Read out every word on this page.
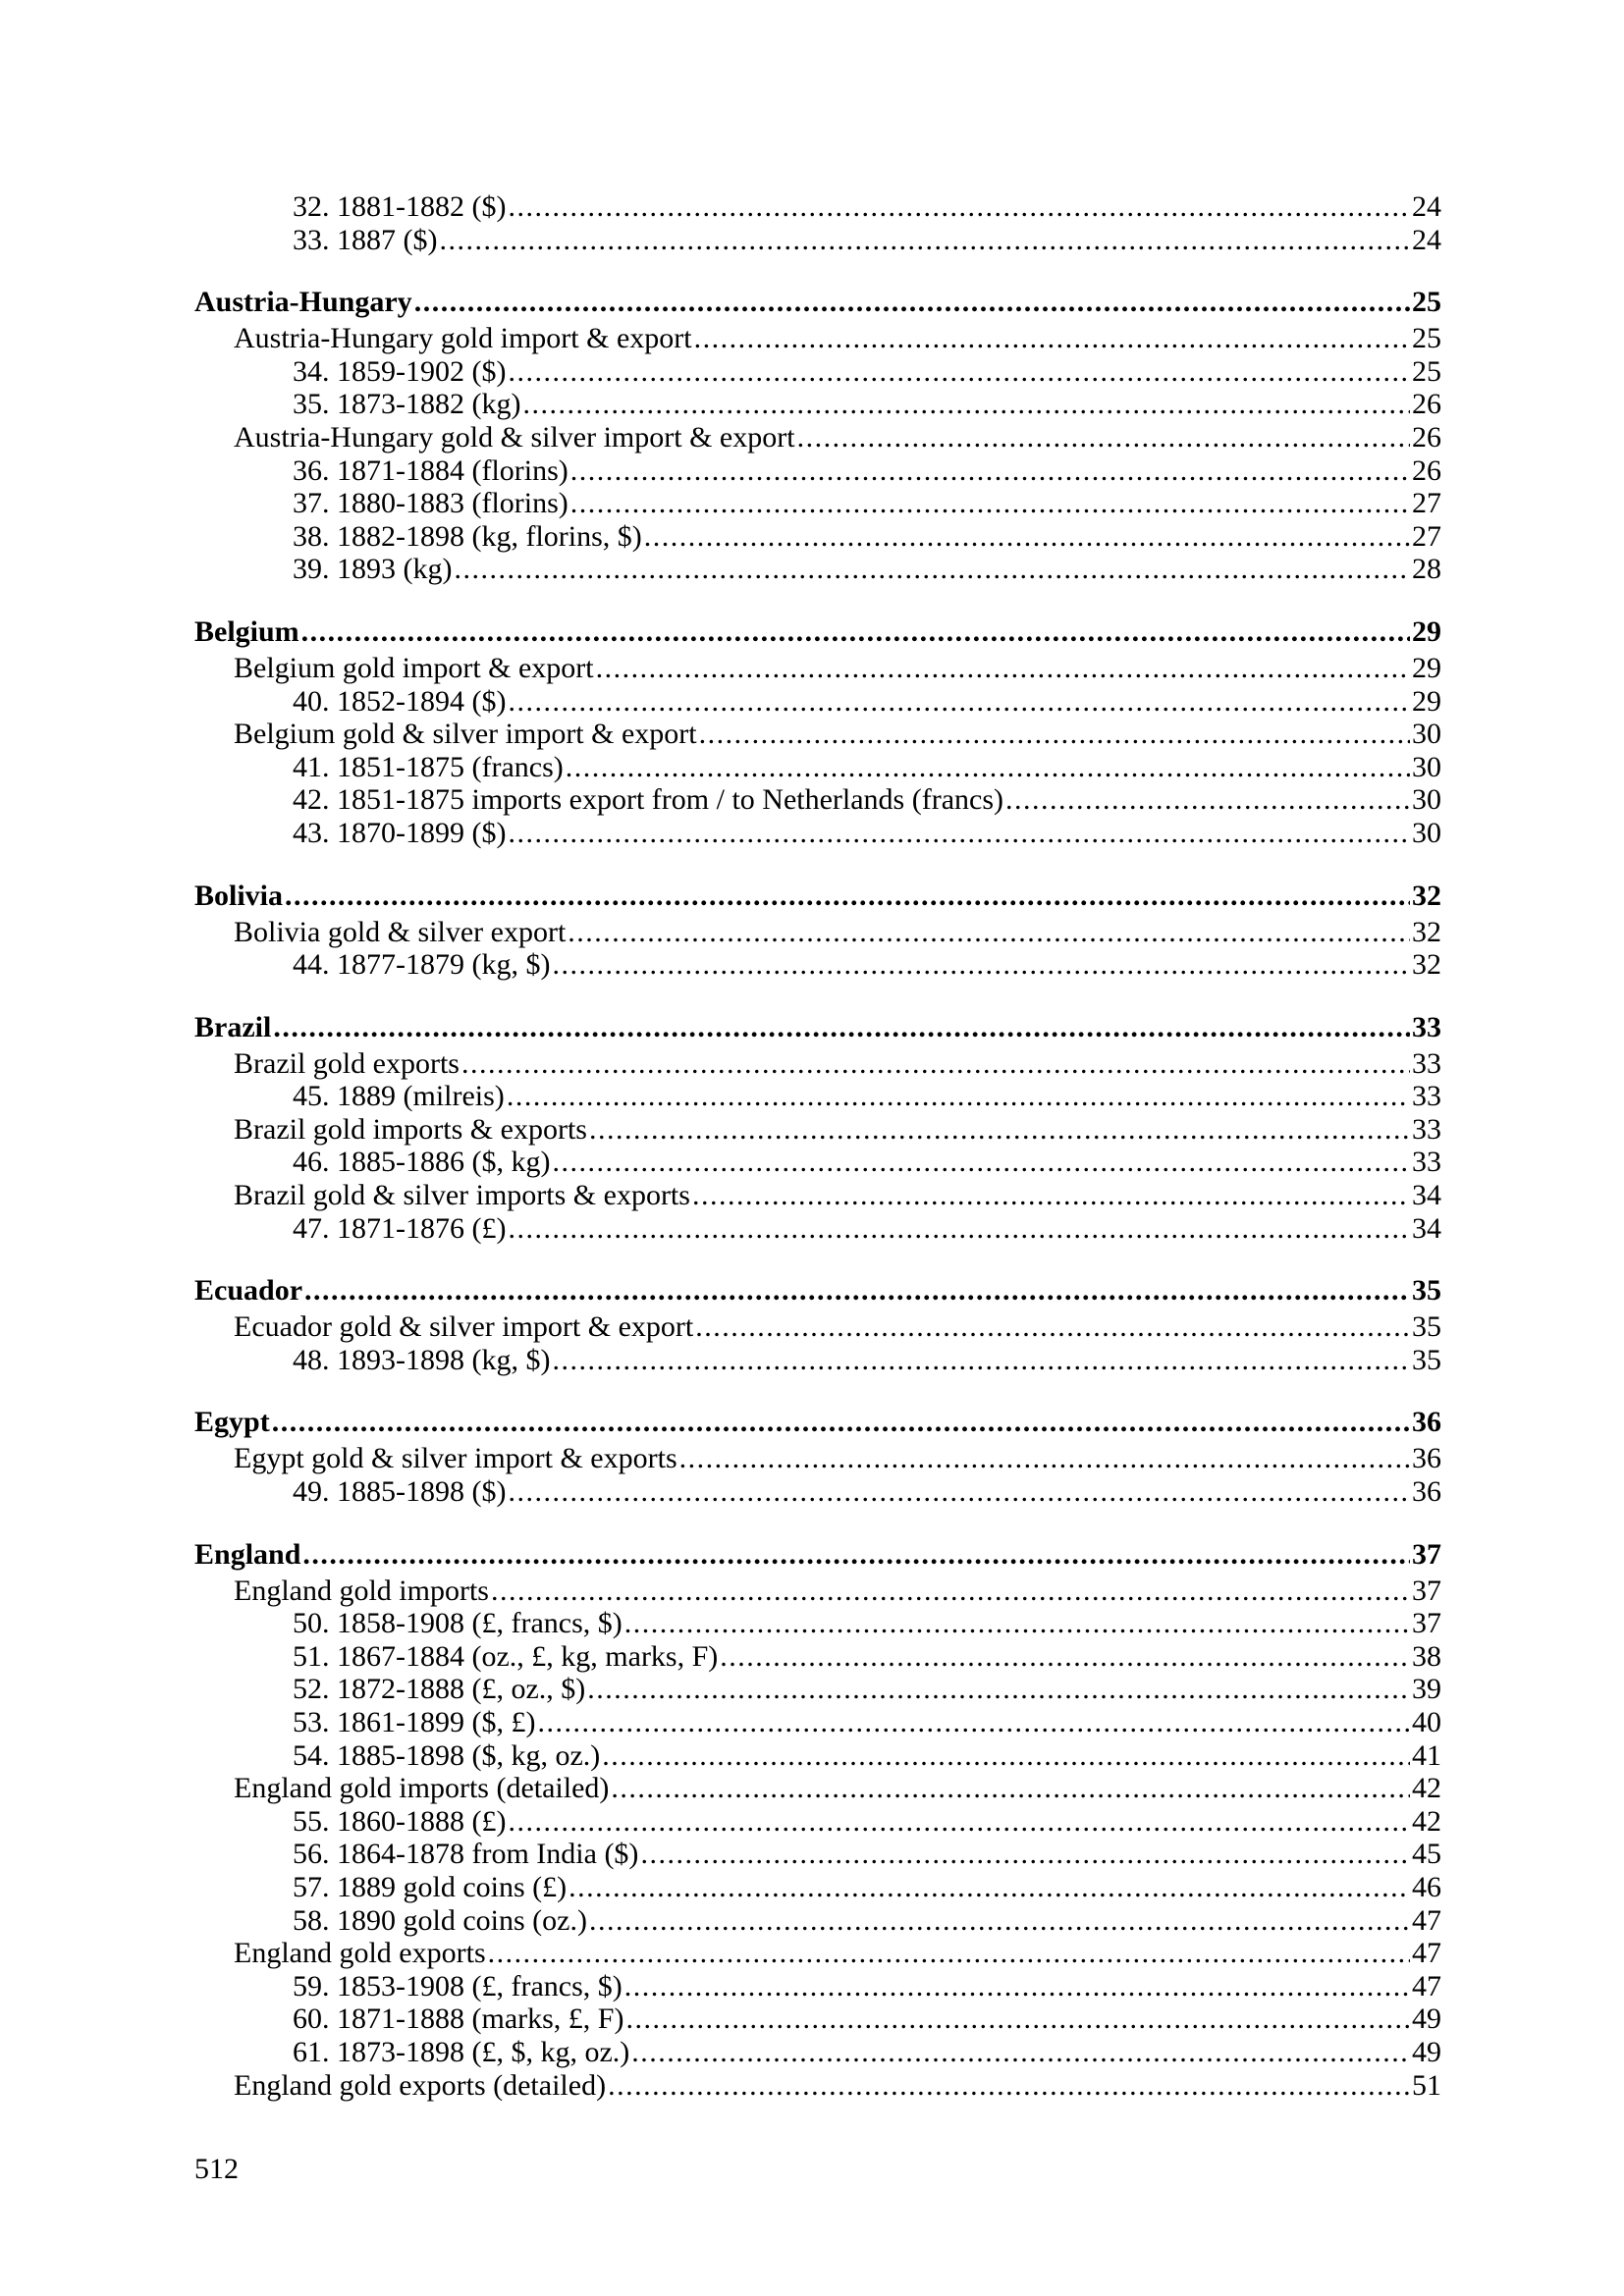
32. 1881-1882 ($) .....	24
33. 1887 ($) .....	24
Austria-Hungary .....	25
Austria-Hungary gold import & export .....	25
34. 1859-1902 ($) .....	25
35. 1873-1882 (kg) .....	26
Austria-Hungary gold & silver import & export .....	26
36. 1871-1884 (florins) .....	26
37. 1880-1883 (florins) .....	27
38. 1882-1898 (kg, florins, $) .....	27
39. 1893 (kg) .....	28
Belgium .....	29
Belgium gold import & export .....	29
40. 1852-1894 ($) .....	29
Belgium gold & silver import & export .....	30
41. 1851-1875 (francs) .....	30
42. 1851-1875 imports export from / to Netherlands (francs) .....	30
43. 1870-1899 ($) .....	30
Bolivia .....	32
Bolivia gold & silver export .....	32
44. 1877-1879 (kg, $) .....	32
Brazil .....	33
Brazil gold exports .....	33
45. 1889 (milreis) .....	33
Brazil gold imports & exports .....	33
46. 1885-1886 ($, kg) .....	33
Brazil gold & silver imports & exports .....	34
47. 1871-1876 (£) .....	34
Ecuador .....	35
Ecuador gold & silver import & export .....	35
48. 1893-1898 (kg, $) .....	35
Egypt .....	36
Egypt gold & silver import & exports .....	36
49. 1885-1898 ($) .....	36
England .....	37
England gold imports .....	37
50. 1858-1908 (£, francs, $) .....	37
51. 1867-1884 (oz., £, kg, marks, F) .....	38
52. 1872-1888 (£, oz., $) .....	39
53. 1861-1899 ($, £) .....	40
54. 1885-1898 ($, kg, oz.) .....	41
England gold imports (detailed) .....	42
55. 1860-1888 (£) .....	42
56. 1864-1878 from India ($) .....	45
57. 1889 gold coins (£) .....	46
58. 1890 gold coins (oz.) .....	47
England gold exports .....	47
59. 1853-1908 (£, francs, $) .....	47
60. 1871-1888 (marks, £, F) .....	49
61. 1873-1898 (£, $, kg, oz.) .....	49
England gold exports (detailed) .....	51
512
